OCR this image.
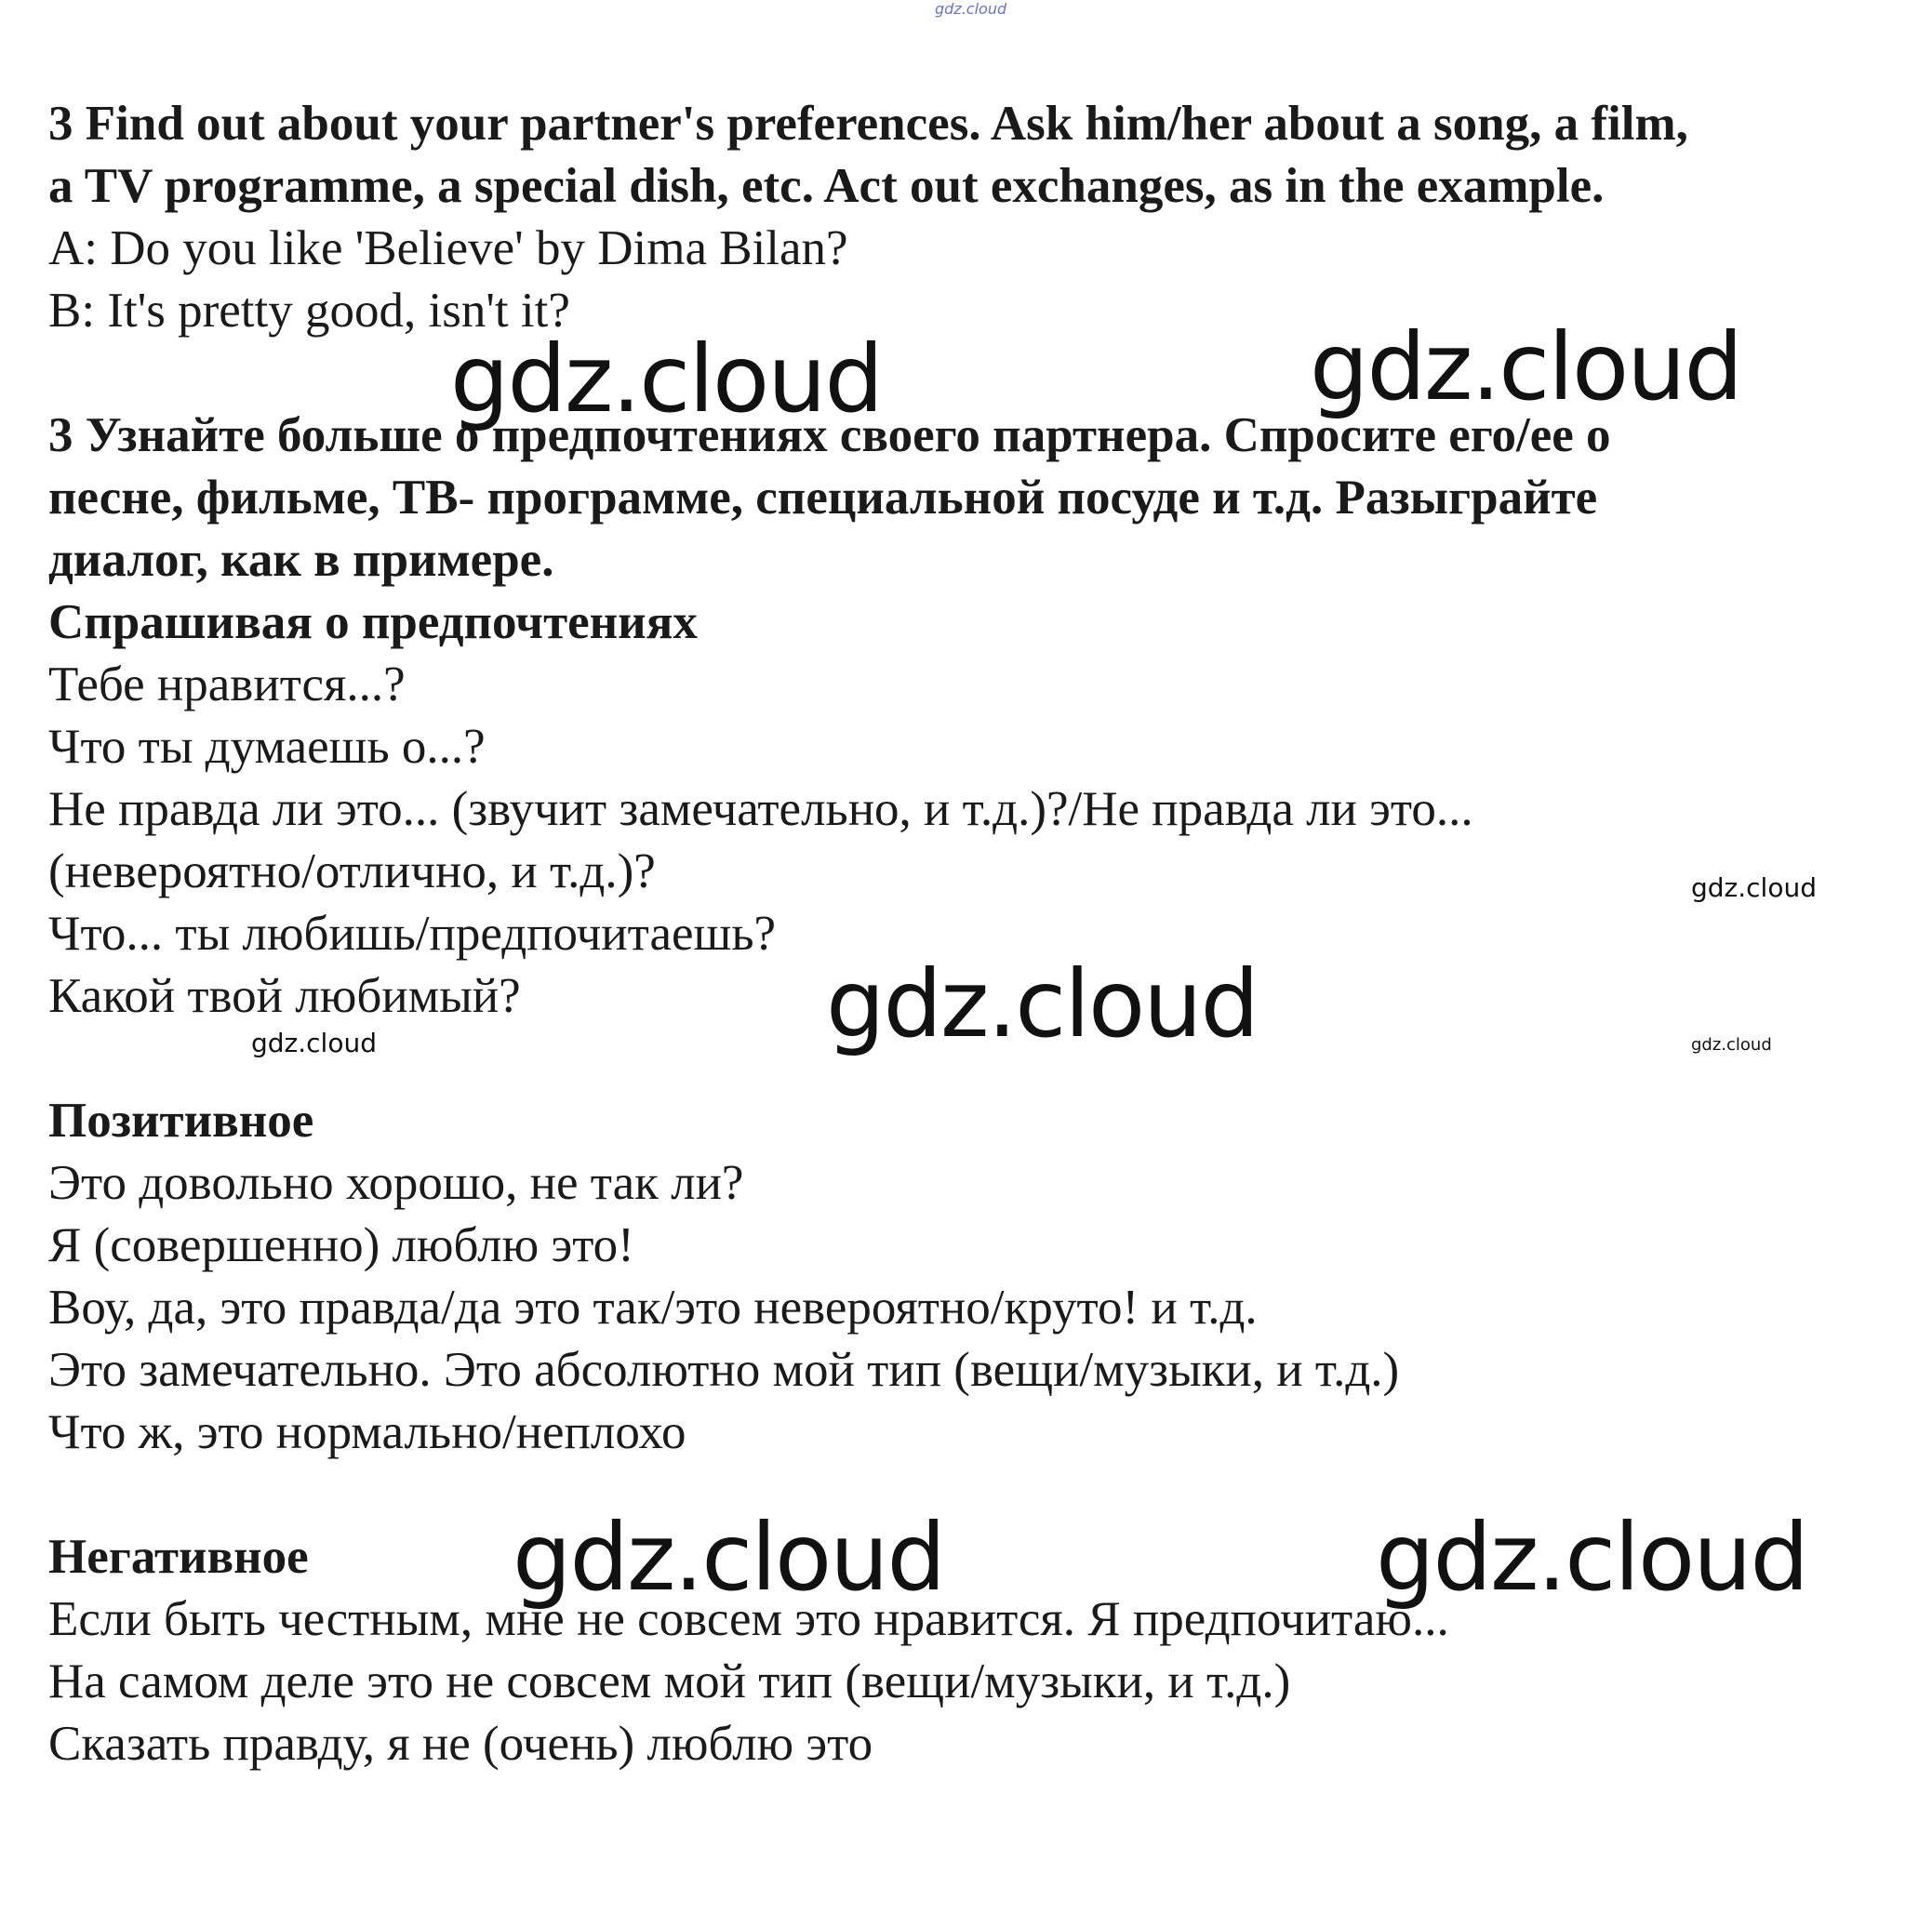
3 Find out about your partner's preferences. Ask him/her about a song, a film,

a TV programme, a special dish, etc. Act out exchanges, as in the example.

A: Do you like 'Believe' by Dima Bilan?

B: It's pretty good, isn't it?

3 Узнайте больше о предпочтениях своего партнера. Спросите его/ее о

песне, фильме, ТВ- программе, специальной посуде и т.д. Разыграйте

диалог, как в примере.

Спрашивая о предпочтениях

Тебе нравится...?

Что ты думаешь о...?

Не правда ли это... (звучит замечательно, и т.д.)?/Не правда ли это...

(невероятно/отлично, и т.д.)?

Что... ты любишь/предпочитаешь?

Какой твой любимый?

Позитивное

Это довольно хорошо, не так ли?

Я (совершенно) люблю это!

Воу, да, это правда/да это так/это невероятно/круто! и т.д.

Это замечательно. Это абсолютно мой тип (вещи/музыки, и т.д.)

Что ж, это нормально/неплохо

Негативное

Если быть честным, мне не совсем это нравится. Я предпочитаю...

На самом деле это не совсем мой тип (вещи/музыки, и т.д.)

Сказать правду, я не (очень) люблю это

gdz.cloud
gdz.cloud	gdz.cloud
gdz.cloud
gdz.cloud
gdz.cloud	gdz.cloud
gdz.cloud	gdz.cloud
